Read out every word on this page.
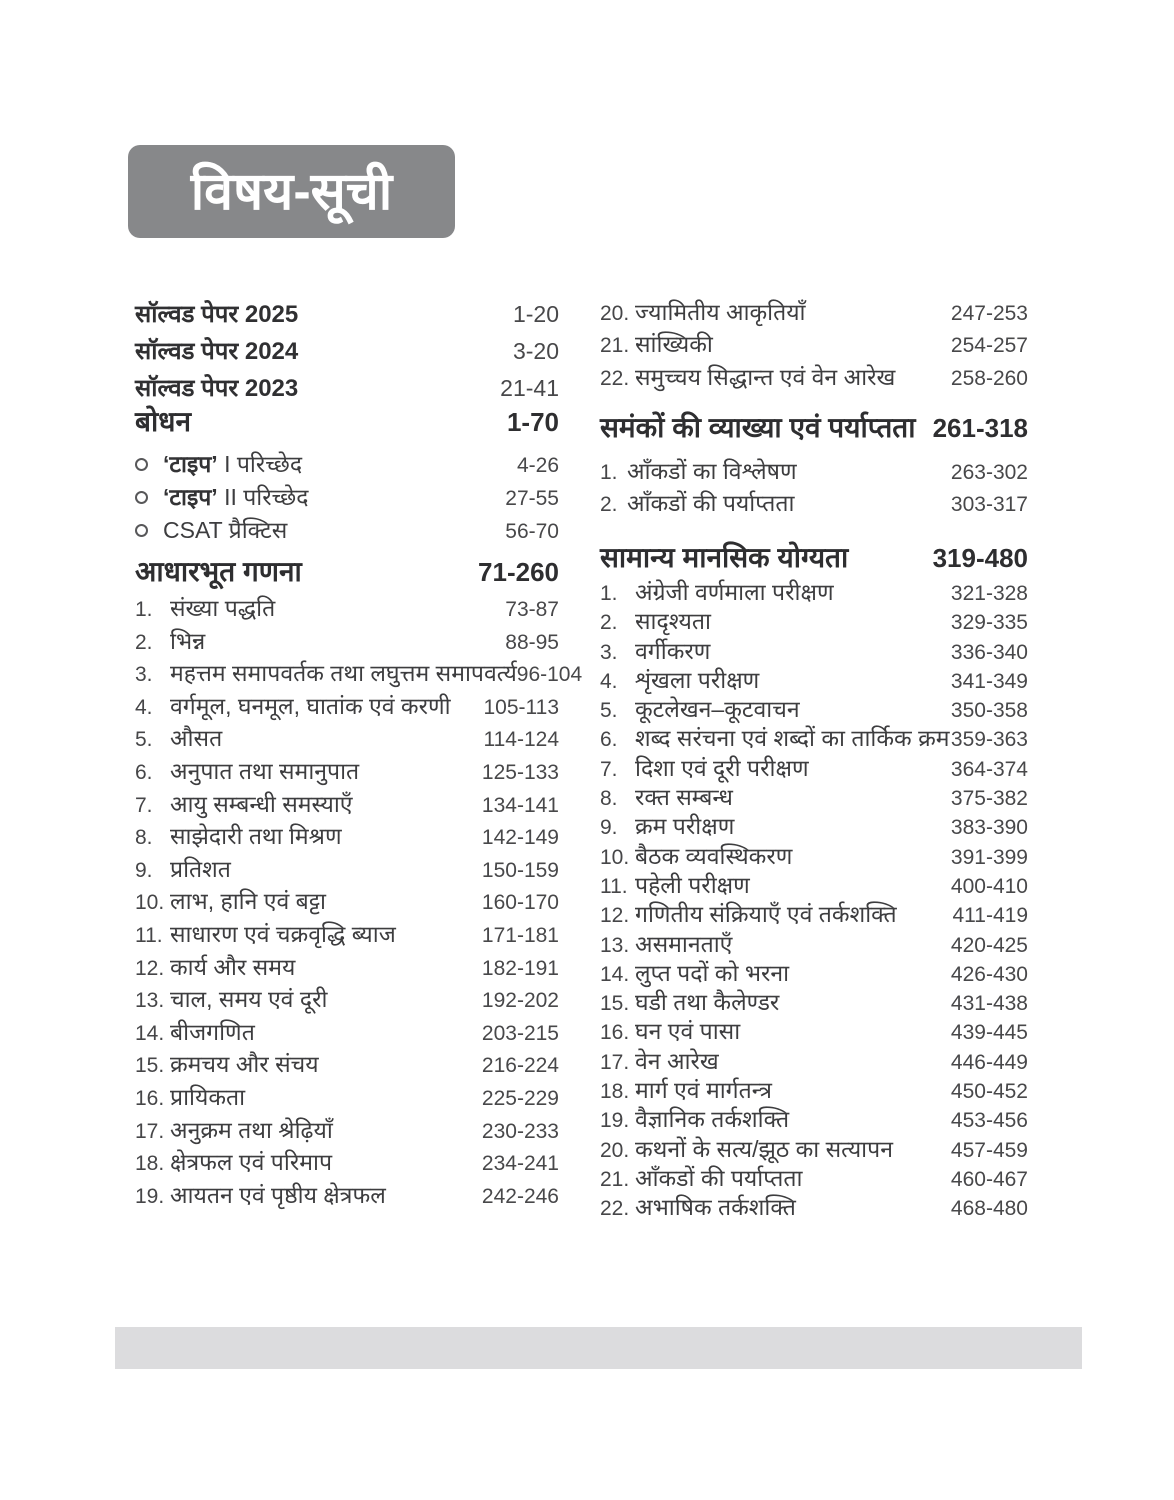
विषय-सूची
सॉल्वड पेपर 2025	1-20
सॉल्वड पेपर 2024	3-20
सॉल्वड पेपर 2023	21-41
बोधन	1-70
‘टाइप’ I परिच्छेद	4-26
‘टाइप’ II परिच्छेद	27-55
CSAT प्रैक्टिस	56-70
आधारभूत गणना	71-260
1. संख्या पद्धति	73-87
2. भिन्न	88-95
3. महत्तम समापवर्तक तथा लघुत्तम समापवर्त्य 96-104
4. वर्गमूल, घनमूल, घातांक एवं करणी 105-113
5. औसत	114-124
6. अनुपात तथा समानुपात	125-133
7. आयु सम्बन्धी समस्याएँ	134-141
8. साझेदारी तथा मिश्रण	142-149
9. प्रतिशत	150-159
10. लाभ, हानि एवं बट्टा	160-170
11. साधारण एवं चक्रवृद्धि ब्याज	171-181
12. कार्य और समय	182-191
13. चाल, समय एवं दूरी	192-202
14. बीजगणित	203-215
15. क्रमचय और संचय	216-224
16. प्रायिकता	225-229
17. अनुक्रम तथा श्रेढ़ियाँ	230-233
18. क्षेत्रफल एवं परिमाप	234-241
19. आयतन एवं पृष्ठीय क्षेत्रफल	242-246
20. ज्यामितीय आकृतियाँ	247-253
21. सांख्यिकी	254-257
22. समुच्चय सिद्धान्त एवं वेन आरेख	258-260
समंकों की व्याख्या एवं पर्याप्तता 261-318
1. आँकडों का विश्लेषण	263-302
2. आँकडों की पर्याप्तता	303-317
सामान्य मानसिक योग्यता	319-480
1. अंग्रेजी वर्णमाला परीक्षण	321-328
2. सादृश्यता	329-335
3. वर्गीकरण	336-340
4. शृंखला परीक्षण	341-349
5. कूटलेखन–कूटवाचन	350-358
6. शब्द सरंचना एवं शब्दों का तार्किक क्रम 359-363
7. दिशा एवं दूरी परीक्षण	364-374
8. रक्त सम्बन्ध	375-382
9. क्रम परीक्षण	383-390
10. बैठक व्यवस्थिकरण	391-399
11. पहेली परीक्षण	400-410
12. गणितीय संक्रियाएँ एवं तर्कशक्ति	411-419
13. असमानताएँ	420-425
14. लुप्त पदों को भरना	426-430
15. घडी तथा कैलेण्डर	431-438
16. घन एवं पासा	439-445
17. वेन आरेख	446-449
18. मार्ग एवं मार्गतन्त्र	450-452
19. वैज्ञानिक तर्कशक्ति	453-456
20. कथनों के सत्य/झूठ का सत्यापन	457-459
21. आँकडों की पर्याप्तता	460-467
22. अभाषिक तर्कशक्ति	468-480
